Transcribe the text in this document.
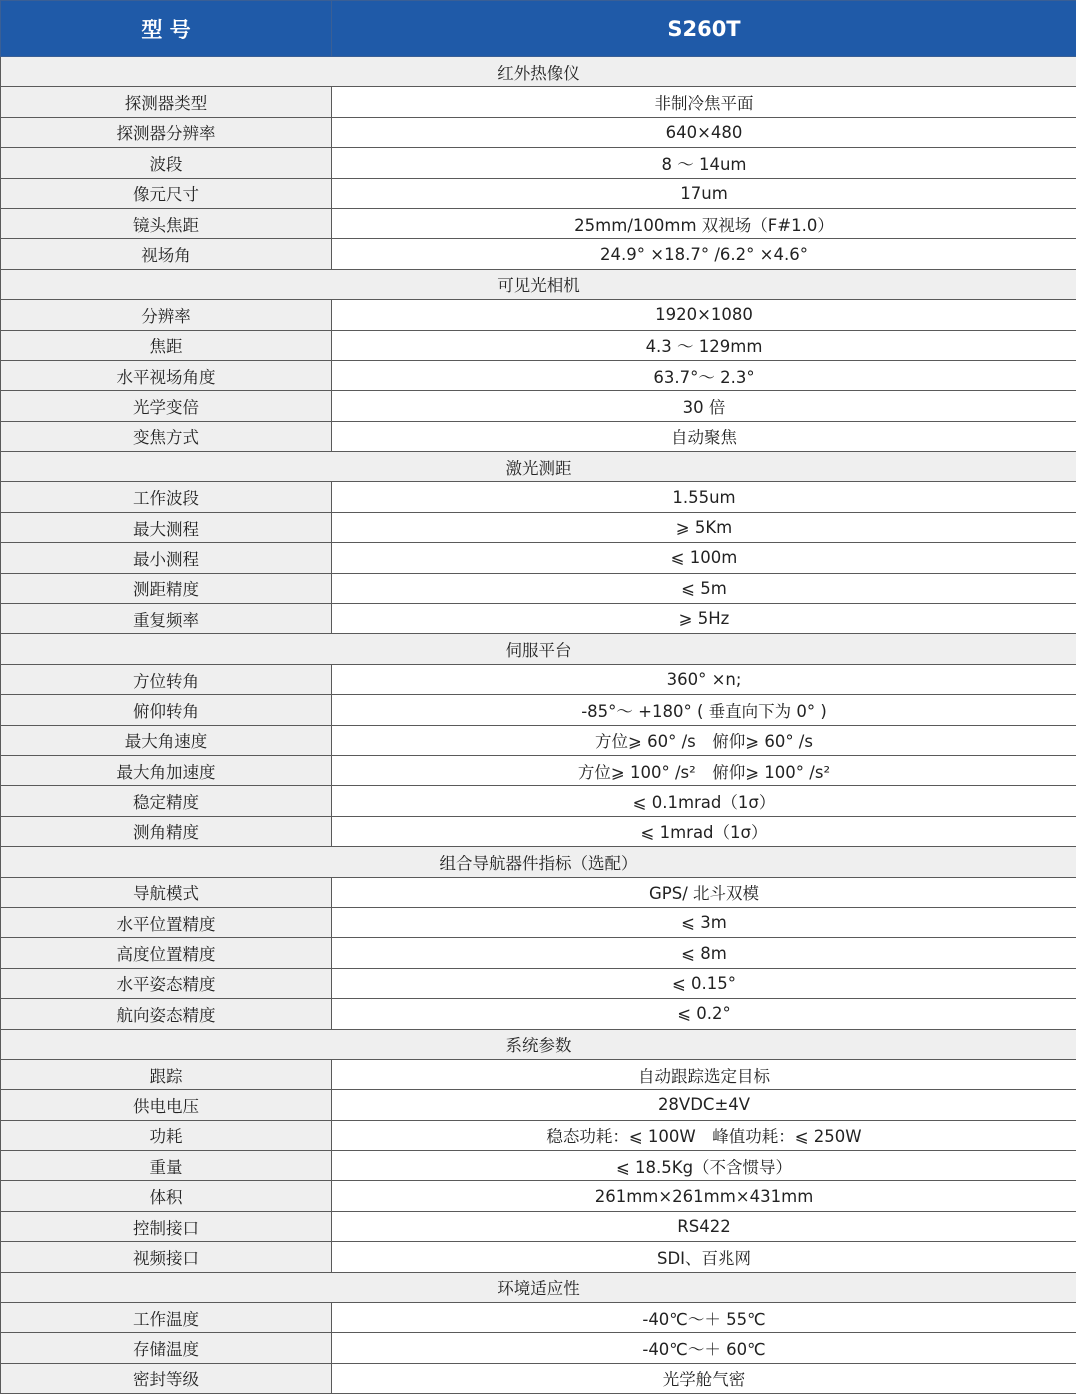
型 号	S260T
红外热像仪	
探测器类型	非制冷焦平面
探测器分辨率	640×480
波段	8 ～ 14um
像元尺寸	17um
镜头焦距	25mm/100mm 双视场（F#1.0）
视场角	24.9° ×18.7° /6.2° ×4.6°
可见光相机	
分辨率	1920×1080
焦距	4.3 ～ 129mm
水平视场角度	63.7°～ 2.3°
光学变倍	30 倍
变焦方式	自动聚焦
激光测距	
工作波段	1.55um
最大测程	⩾ 5Km
最小测程	⩽ 100m
测距精度	⩽ 5m
重复频率	⩾ 5Hz
伺服平台	
方位转角	360° ×n;
俯仰转角	-85°～ +180° ( 垂直向下为 0° )
最大角速度	方位⩾ 60° /s　俯仰⩾ 60° /s
最大角加速度	方位⩾ 100° /s²　俯仰⩾ 100° /s²
稳定精度	⩽ 0.1mrad（1σ）
测角精度	⩽ 1mrad（1σ）
组合导航器件指标（选配）	
导航模式	GPS/ 北斗双模
水平位置精度	⩽ 3m
高度位置精度	⩽ 8m
水平姿态精度	⩽ 0.15°
航向姿态精度	⩽ 0.2°
系统参数	
跟踪	自动跟踪选定目标
供电电压	28VDC±4V
功耗	稳态功耗：⩽ 100W　峰值功耗：⩽ 250W
重量	⩽ 18.5Kg（不含惯导）
体积	261mm×261mm×431mm
控制接口	RS422
视频接口	SDI、百兆网
环境适应性	
工作温度	-40℃～＋ 55℃
存储温度	-40℃～＋ 60℃
密封等级	光学舱气密
